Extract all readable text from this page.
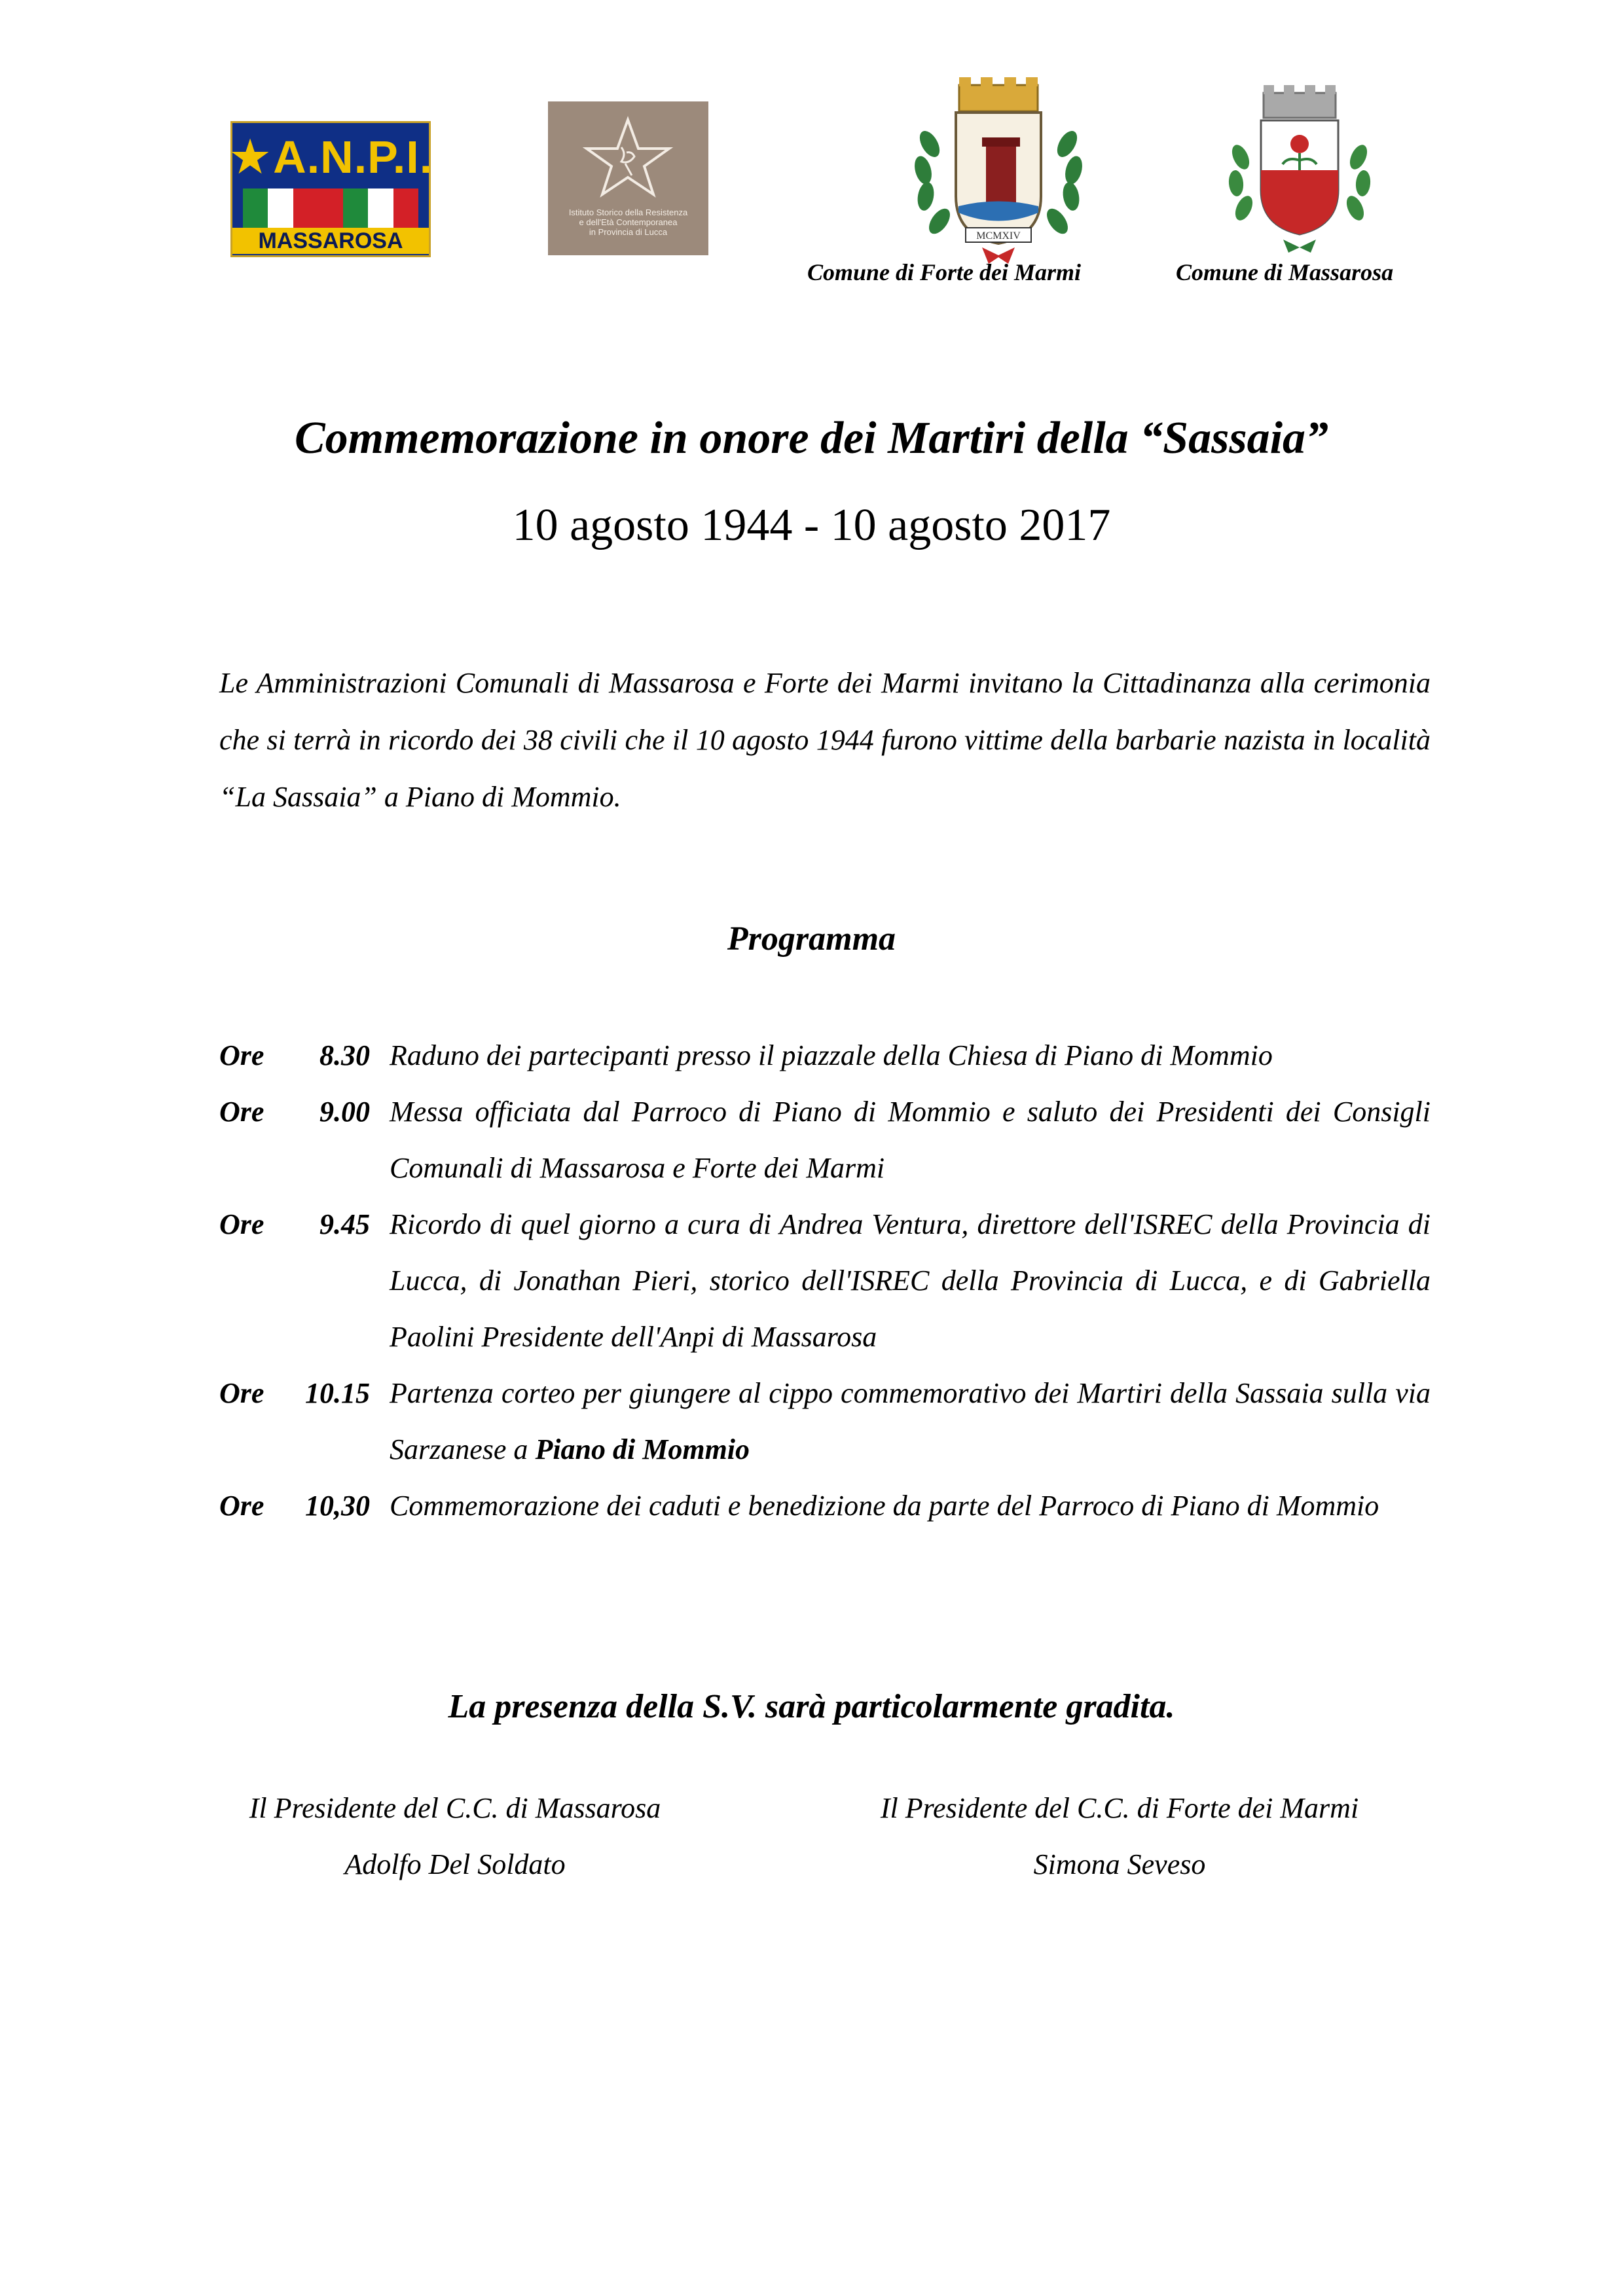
★ A.N.P.I.
MASSAROSA
Istituto Storico della Resistenza
e dell'Età Contemporanea
in Provincia di Lucca	MCMXIV
Comune di Forte dei Marmi	Comune di Massarosa
Commemorazione in onore dei Martiri della “Sassaia”
10 agosto 1944 - 10 agosto 2017
Le Amministrazioni Comunali di Massarosa e Forte dei Marmi invitano la Cittadinanza alla cerimonia che si terrà in ricordo dei 38 civili che il 10 agosto 1944 furono vittime della barbarie nazista in località “La Sassaia” a Piano di Mommio.
Programma
Ore 8.30 Raduno dei partecipanti presso il piazzale della Chiesa di Piano di Mommio
Ore 9.00 Messa officiata dal Parroco di Piano di Mommio e saluto dei Presidenti dei Consigli Comunali di Massarosa e Forte dei Marmi
Ore 9.45 Ricordo di quel giorno a cura di Andrea Ventura, direttore dell'ISREC della Provincia di Lucca, di Jonathan Pieri, storico dell'ISREC della Provincia di Lucca, e di Gabriella Paolini Presidente dell'Anpi di Massarosa
Ore 10.15 Partenza corteo per giungere al cippo commemorativo dei Martiri della Sassaia sulla via Sarzanese a Piano di Mommio
Ore 10,30 Commemorazione dei caduti e benedizione da parte del Parroco di Piano di Mommio
La presenza della S.V. sarà particolarmente gradita.
Il Presidente del C.C. di Massarosa
Adolfo Del Soldato
Il Presidente del C.C. di Forte dei Marmi
Simona Seveso
